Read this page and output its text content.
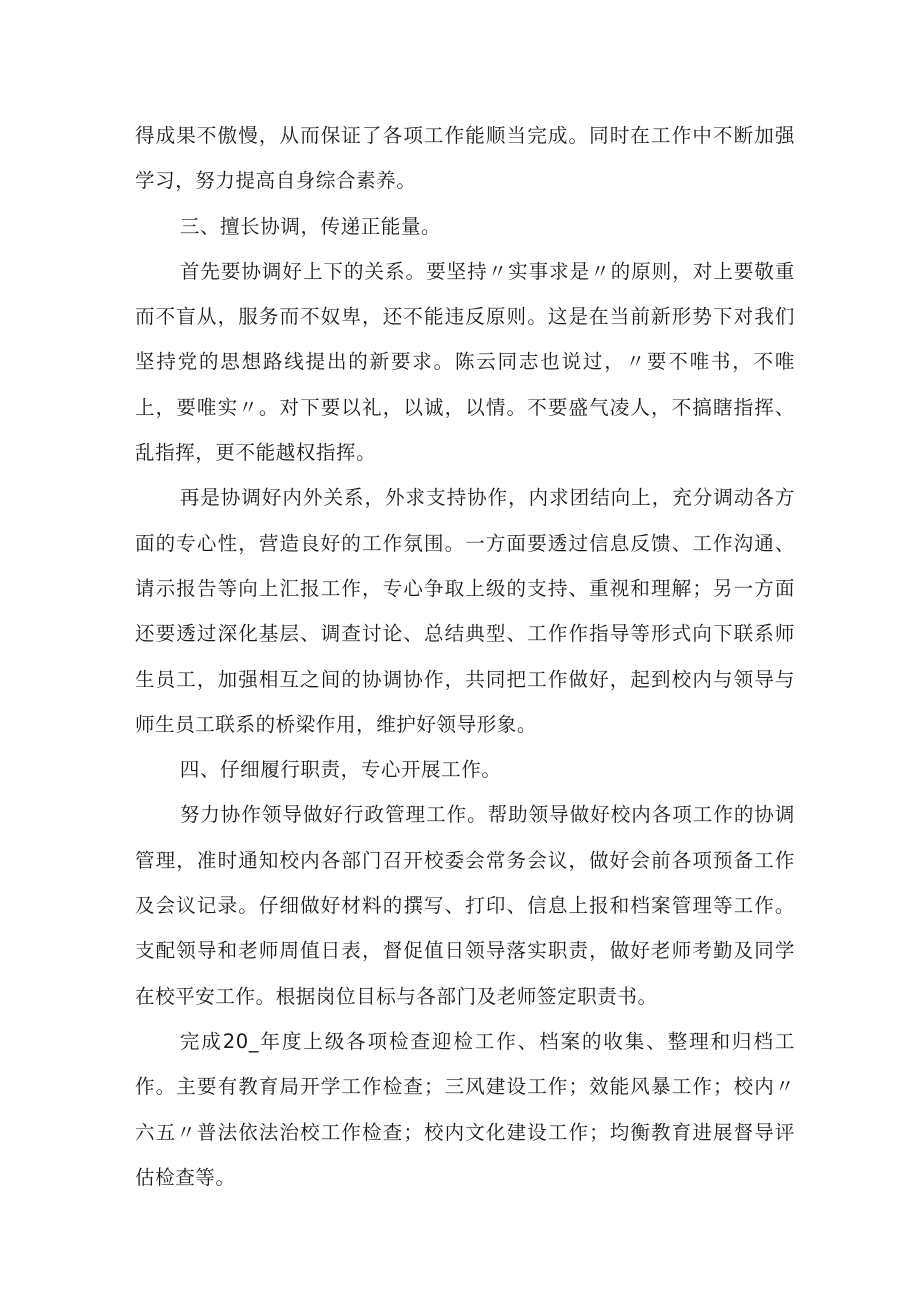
得成果不傲慢，从而保证了各项工作能顺当完成。同时在工作中不断加强学习，努力提高自身综合素养。

三、擅长协调，传递正能量。

首先要协调好上下的关系。要坚持〃实事求是〃的原则，对上要敬重而不盲从，服务而不奴卑，还不能违反原则。这是在当前新形势下对我们坚持党的思想路线提出的新要求。陈云同志也说过，〃要不唯书，不唯上，要唯实〃。对下要以礼，以诚，以情。不要盛气凌人，不搞瞎指挥、乱指挥，更不能越权指挥。

再是协调好内外关系，外求支持协作，内求团结向上，充分调动各方面的专心性，营造良好的工作氛围。一方面要透过信息反馈、工作沟通、请示报告等向上汇报工作，专心争取上级的支持、重视和理解；另一方面还要透过深化基层、调查讨论、总结典型、工作作指导等形式向下联系师生员工，加强相互之间的协调协作，共同把工作做好，起到校内与领导与师生员工联系的桥梁作用，维护好领导形象。

四、仔细履行职责，专心开展工作。

努力协作领导做好行政管理工作。帮助领导做好校内各项工作的协调管理，准时通知校内各部门召开校委会常务会议，做好会前各项预备工作及会议记录。仔细做好材料的撰写、打印、信息上报和档案管理等工作。支配领导和老师周值日表，督促值日领导落实职责，做好老师考勤及同学在校平安工作。根据岗位目标与各部门及老师签定职责书。

完成20_年度上级各项检查迎检工作、档案的收集、整理和归档工作。主要有教育局开学工作检查；三风建设工作；效能风暴工作；校内〃六五〃普法依法治校工作检查；校内文化建设工作；均衡教育进展督导评估检查等。
